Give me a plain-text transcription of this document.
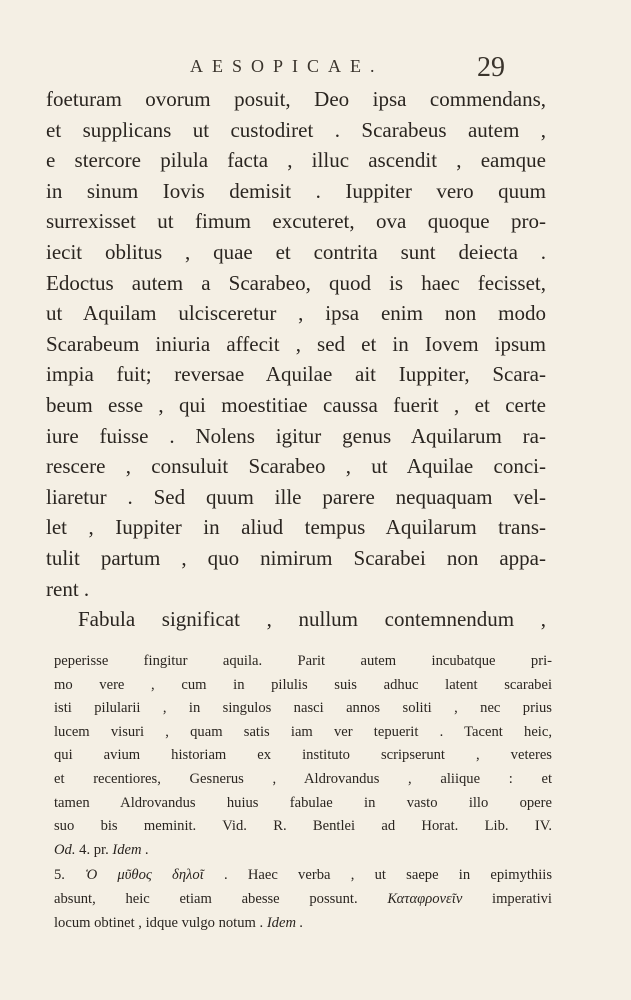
AESOPICAE.	29
foeturam ovorum posuit, Deo ipsa commendans,
et supplicans ut custodiret . Scarabeus autem ,
e stercore pilula facta , illuc ascendit , eamque
in sinum Iovis demisit . Iuppiter vero quum
surrexisset ut fimum excuteret, ova quoque pro-
iecit oblitus , quae et contrita sunt deiecta .
Edoctus autem a Scarabeo, quod is haec fecisset,
ut Aquilam ulcisceretur , ipsa enim non modo
Scarabeum iniuria affecit , sed et in Iovem ipsum
impia fuit; reversae Aquilae ait Iuppiter, Scara-
beum esse , qui moestitiae caussa fuerit , et certe
iure fuisse . Nolens igitur genus Aquilarum ra-
rescere , consuluit Scarabeo , ut Aquilae conci-
liaretur . Sed quum ille parere nequaquam vel-
let , Iuppiter in aliud tempus Aquilarum trans-
tulit partum , quo nimirum Scarabei non appa-
rent .
Fabula significat , nullum contemnendum ,
peperisse fingitur aquila. Parit autem incubatque pri-
mo vere , cum in pilulis suis adhuc latent scarabei
isti pilularii , in singulos nasci annos soliti , nec prius
lucem visuri , quam satis iam ver tepuerit . Tacent heic,
qui avium historiam ex instituto scripserunt , veteres
et recentiores, Gesnerus , Aldrovandus , aliique : et
tamen Aldrovandus huius fabulae in vasto illo opere
suo bis meminit. Vid. R. Bentlei ad Horat. Lib. IV.
Od. 4. pr. Idem .
5. Ὁ μῦθος δηλοῖ . Haec verba , ut saepe in epimythiis
absunt, heic etiam abesse possunt. Καταφρονεῖν imperativi
locum obtinet , idque vulgo notum . Idem .
